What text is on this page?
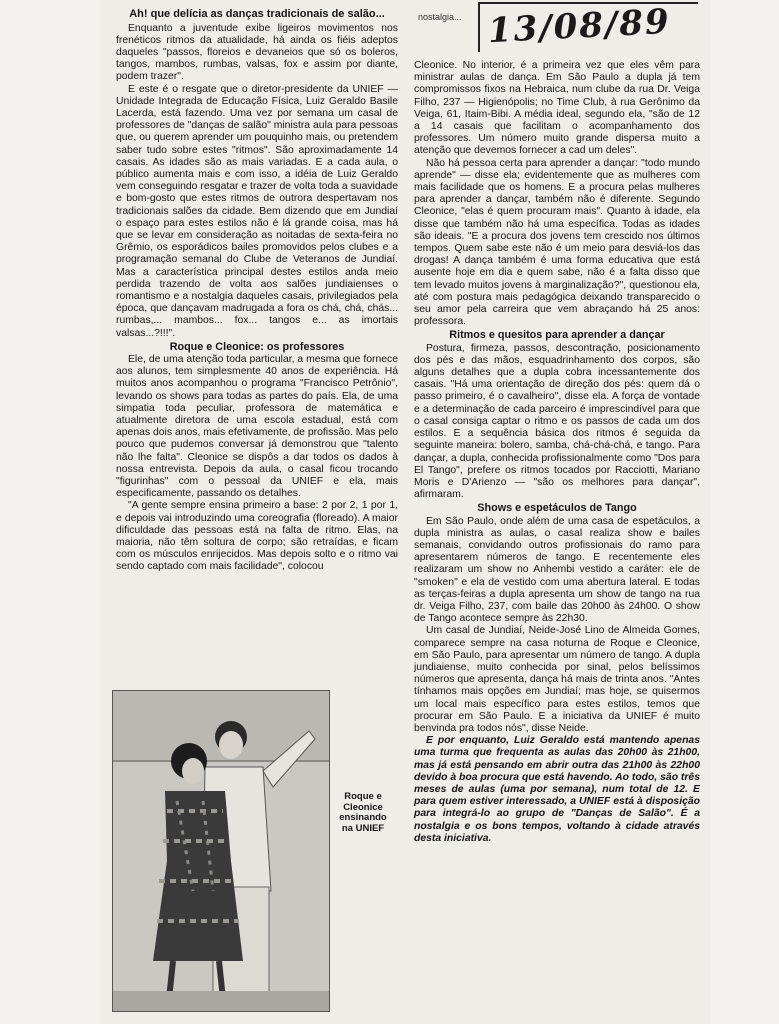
nostalgia... 13/08/89
Ah! que delícia as danças tradicionais de salão...

Enquanto a juventude exibe ligeiros movimentos nos frenéticos ritmos da atualidade, há ainda os fiéis adeptos daqueles "passos, floreios e devaneios que só os boleros, tangos, mambos, rumbas, valsas, fox e assim por diante, podem trazer".

E este é o resgate que o diretor-presidente da UNIEF — Unidade Integrada de Educação Física, Luiz Geraldo Basile Lacerda, está fazendo. Uma vez por semana um casal de professores de "danças de salão" ministra aula para pessoas que, ou querem aprender um pouquinho mais, ou pretendem saber tudo sobre estes "ritmos". São aproximadamente 14 casais. As idades são as mais variadas. E a cada aula, o público aumenta mais e com isso, a idéia de Luiz Geraldo vem conseguindo resgatar e trazer de volta toda a suavidade e bom-gosto que estes ritmos de outrora despertavam nos tradicionais salões da cidade. Bem dizendo que em Jundiaí o espaço para estes estilos não é lá grande coisa, mas há que se levar em consideração as noitadas de sexta-feira no Grêmio, os esporádicos bailes promovidos pelos clubes e a programação semanal do Clube de Veteranos de Jundiaí. Mas a característica principal destes estilos anda meio perdida trazendo de volta aos salões jundiaienses o romantismo e a nostalgia daqueles casais, privilegiados pela época, que dançavam madrugada a fora os chá, chá, chás... rumbas,... mambos... fox... tangos e... as imortais valsas...?!!!".

Roque e Cleonice: os professores

Ele, de uma atenção toda particular, a mesma que fornece aos alunos, tem simplesmente 40 anos de experiência. Há muitos anos acompanhou o programa "Francisco Petrônio", levando os shows para todas as partes do país. Ela, de uma simpatia toda peculiar, professora de matemática e atualmente diretora de uma escola estadual, está com apenas dois anos, mais efetivamente, de profissão. Mas pelo pouco que pudemos conversar já demonstrou que "talento não lhe falta". Cleonice se dispôs a dar todos os dados à nossa entrevista. Depois da aula, o casal ficou trocando "figurinhas" com o pessoal da UNIEF e ela, mais especificamente, passando os detalhes.

"A gente sempre ensina primeiro a base: 2 por 2, 1 por 1, e depois vai introduzindo uma coreografia (floreado). A maior dificuldade das pessoas está na falta de ritmo. Elas, na maioria, não têm soltura de corpo; são retraídas, e ficam com os músculos enrijecidos. Mas depois solto e o ritmo vai sendo captado com mais facilidade", colocou

Roque e Cleonice ensinando na UNIEF

Cleonice. No interior, é a primeira vez que eles vêm para ministrar aulas de dança. Em São Paulo a dupla já tem compromissos fixos na Hebraica, num clube da rua Dr. Veiga Filho, 237 — Higienópolis; no Time Club, à rua Gerônimo da Veiga, 61, Itaim-Bibi. A média ideal, segundo ela, "são de 12 a 14 casais que facilitam o acompanhamento dos professores. Um número muito grande dispersa muito a atenção que devemos fornecer a cad um deles".

Não há pessoa certa para aprender a dançar: "todo mundo aprende" — disse ela; evidentemente que as mulheres com mais facilidade que os homens. E a procura pelas mulheres para aprender a dançar, também não é diferente. Segundo Cleonice, "elas é quem procuram mais". Quanto à idade, ela disse que também não há uma específica. Todas as idades são ideais. "E a procura dos jovens tem crescido nos últimos tempos. Quem sabe este não é um meio para desviá-los das drogas! A dança também é uma forma educativa que está ausente hoje em dia e quem sabe, não é a falta disso que tem levado muitos jovens à marginalização?", questionou ela, até com postura mais pedagógica deixando transparecido o seu amor pela carreira que vem abraçando há 25 anos: professora.

Ritmos e quesitos para aprender a dançar

Postura, firmeza, passos, descontração, posicionamento dos pés e das mãos, esquadrinhamento dos corpos, são alguns detalhes que a dupla cobra incessantemente dos casais. "Há uma orientação de direção dos pés: quem dá o passo primeiro, é o cavalheiro", disse ela. A força de vontade e a determinação de cada parceiro é imprescindível para que o casal consiga captar o ritmo e os passos de cada um dos estilos. E a sequência básica dos ritmos é seguida da seguinte maneira: bolero, samba, chá-chá-chá, e tango. Para dançar, a dupla, conhecida profissionalmente como "Dos para El Tango", prefere os ritmos tocados por Racciotti, Mariano Moris e D'Arienzo — "são os melhores para dançar", afirmaram.

Shows e espetáculos de Tango

Em São Paulo, onde além de uma casa de espetáculos, a dupla ministra as aulas, o casal realiza show e bailes semanais, convidando outros profissionais do ramo para apresentarem números de tango. E recentemente eles realizaram um show no Anhembi vestido a caráter: ele de "smoken" e ela de vestido com uma abertura lateral. E todas as terças-feiras a dupla apresenta um show de tango na rua dr. Veiga Filho, 237, com baile das 20h00 às 24h00. O show de Tango acontece sempre às 22h30.

Um casal de Jundiaí, Neide-José Lino de Almeida Gomes, comparece sempre na casa noturna de Roque e Cleonice, em São Paulo, para apresentar um número de tango. A dupla jundiaiense, muito conhecida por sinal, pelos belíssimos números que apresenta, dança há mais de trinta anos. "Antes tínhamos mais opções em Jundiaí; mas hoje, se quisermos um local mais específico para estes estilos, temos que procurar em São Paulo. E a iniciativa da UNIEF é muito benvinda pra todos nós", disse Neide.

E por enquanto, Luiz Geraldo está mantendo apenas uma turma que frequenta as aulas das 20h00 às 21h00, mas já está pensando em abrir outra das 21h00 às 22h00 devido à boa procura que está havendo. Ao todo, são três meses de aulas (uma por semana), num total de 12. E para quem estiver interessado, a UNIEF está à disposição para integrá-lo ao grupo de "Danças de Salão". É a nostalgia e os bons tempos, voltando à cidade através desta iniciativa.
